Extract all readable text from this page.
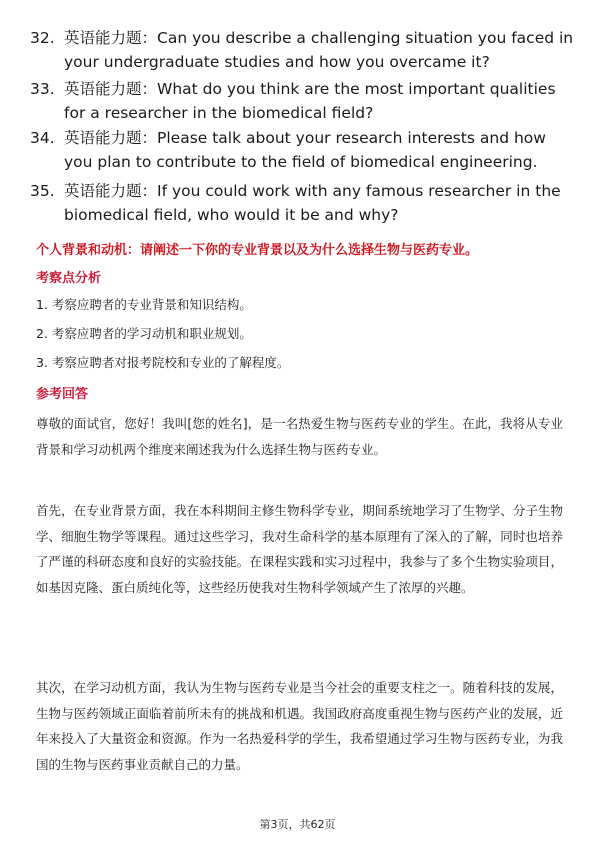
32. 英语能力题：Can you describe a challenging situation you faced in your undergraduate studies and how you overcame it?
33. 英语能力题：What do you think are the most important qualities for a researcher in the biomedical field?
34. 英语能力题：Please talk about your research interests and how you plan to contribute to the field of biomedical engineering.
35. 英语能力题：If you could work with any famous researcher in the biomedical field, who would it be and why?
个人背景和动机：请阐述一下你的专业背景以及为什么选择生物与医药专业。
考察点分析
1. 考察应聘者的专业背景和知识结构。
2. 考察应聘者的学习动机和职业规划。
3. 考察应聘者对报考院校和专业的了解程度。
参考回答
尊敬的面试官，您好！我叫[您的姓名]，是一名热爱生物与医药专业的学生。在此，我将从专业背景和学习动机两个维度来阐述我为什么选择生物与医药专业。
首先，在专业背景方面，我在本科期间主修生物科学专业，期间系统地学习了生物学、分子生物学、细胞生物学等课程。通过这些学习，我对生命科学的基本原理有了深入的了解，同时也培养了严谨的科研态度和良好的实验技能。在课程实践和实习过程中，我参与了多个生物实验项目，如基因克隆、蛋白质纯化等，这些经历使我对生物科学领域产生了浓厚的兴趣。
其次，在学习动机方面，我认为生物与医药专业是当今社会的重要支柱之一。随着科技的发展，生物与医药领域正面临着前所未有的挑战和机遇。我国政府高度重视生物与医药产业的发展，近年来投入了大量资金和资源。作为一名热爱科学的学生，我希望通过学习生物与医药专业，为我国的生物与医药事业贡献自己的力量。
第3页，共62页
